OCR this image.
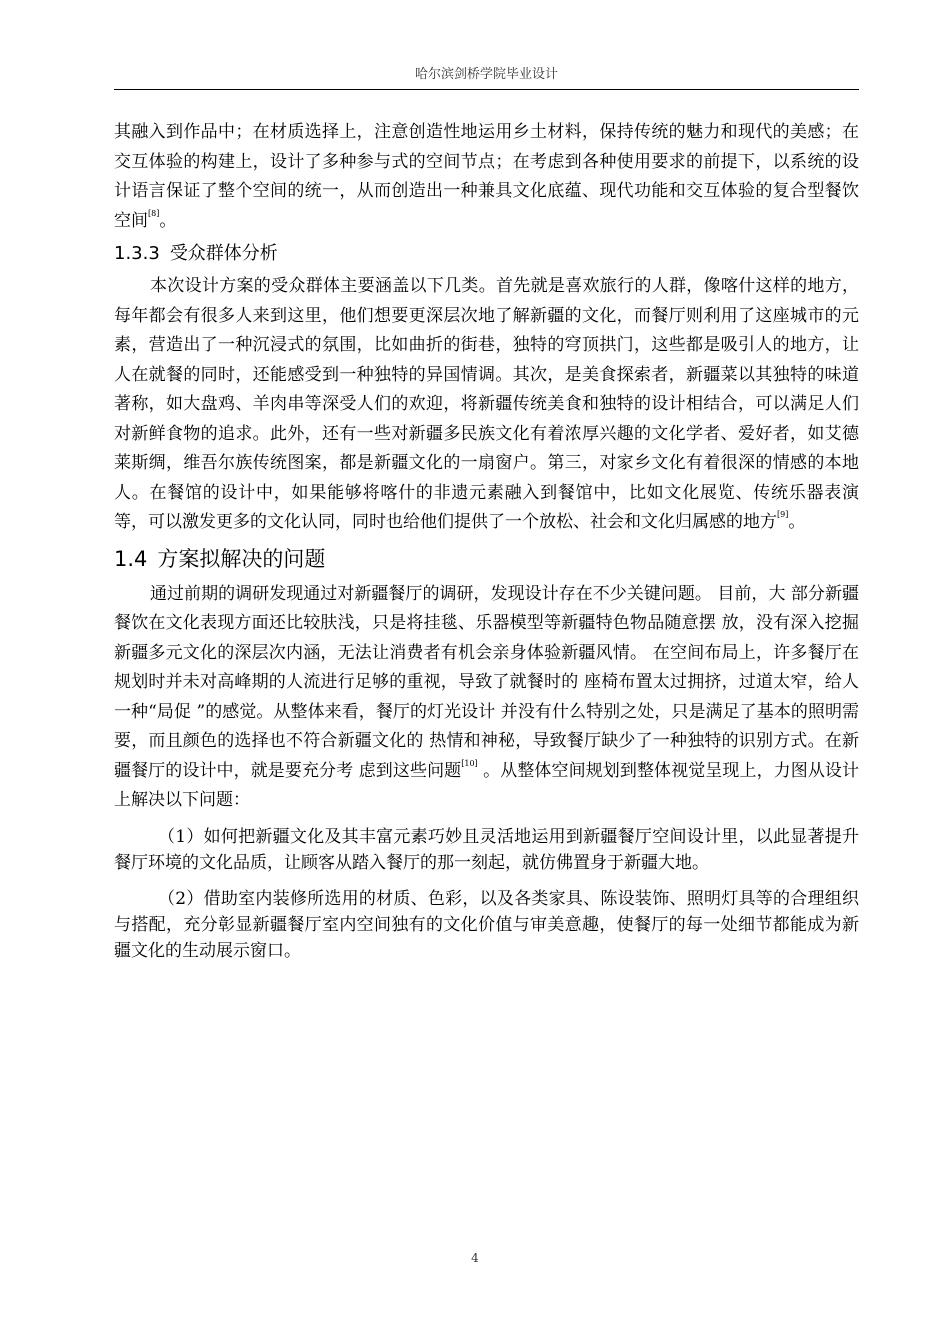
哈尔滨剑桥学院毕业设计

其融入到作品中；在材质选择上，注意创造性地运用乡土材料，保持传统的魅力和现代的美感；在交互体验的构建上，设计了多种参与式的空间节点；在考虑到各种使用要求的前提下，以系统的设计语言保证了整个空间的统一，从而创造出一种兼具文化底蕴、现代功能和交互体验的复合型餐饮空间[8]。

1.3.3 受众群体分析

本次设计方案的受众群体主要涵盖以下几类。首先就是喜欢旅行的人群，像喀什这样的地方，每年都会有很多人来到这里，他们想要更深层次地了解新疆的文化，而餐厅则利用了这座城市的元素，营造出了一种沉浸式的氛围，比如曲折的街巷，独特的穹顶拱门，这些都是吸引人的地方，让人在就餐的同时，还能感受到一种独特的异国情调。其次，是美食探索者，新疆菜以其独特的味道著称，如大盘鸡、羊肉串等深受人们的欢迎，将新疆传统美食和独特的设计相结合，可以满足人们对新鲜食物的追求。此外，还有一些对新疆多民族文化有着浓厚兴趣的文化学者、爱好者，如艾德莱斯绸，维吾尔族传统图案，都是新疆文化的一扇窗户。第三，对家乡文化有着很深的情感的本地人。在餐馆的设计中，如果能够将喀什的非遗元素融入到餐馆中，比如文化展览、传统乐器表演等，可以激发更多的文化认同，同时也给他们提供了一个放松、社会和文化归属感的地方[9]。

1.4 方案拟解决的问题

通过前期的调研发现通过对新疆餐厅的调研，发现设计存在不少关键问题。 目前，大 部分新疆餐饮在文化表现方面还比较肤浅，只是将挂毯、乐器模型等新疆特色物品随意摆 放，没有深入挖掘新疆多元文化的深层次内涵，无法让消费者有机会亲身体验新疆风情。 在空间布局上，许多餐厅在规划时并未对高峰期的人流进行足够的重视，导致了就餐时的 座椅布置太过拥挤，过道太窄，给人一种“局促 ”的感觉。从整体来看，餐厅的灯光设计 并没有什么特别之处，只是满足了基本的照明需要，而且颜色的选择也不符合新疆文化的 热情和神秘，导致餐厅缺少了一种独特的识别方式。在新疆餐厅的设计中，就是要充分考 虑到这些问题[10] 。从整体空间规划到整体视觉呈现上，力图从设计上解决以下问题：

（1）如何把新疆文化及其丰富元素巧妙且灵活地运用到新疆餐厅空间设计里，以此显著提升餐厅环境的文化品质，让顾客从踏入餐厅的那一刻起，就仿佛置身于新疆大地。

（2）借助室内装修所选用的材质、色彩，以及各类家具、陈设装饰、照明灯具等的合理组织与搭配，充分彰显新疆餐厅室内空间独有的文化价值与审美意趣，使餐厅的每一处细节都能成为新疆文化的生动展示窗口。

4
